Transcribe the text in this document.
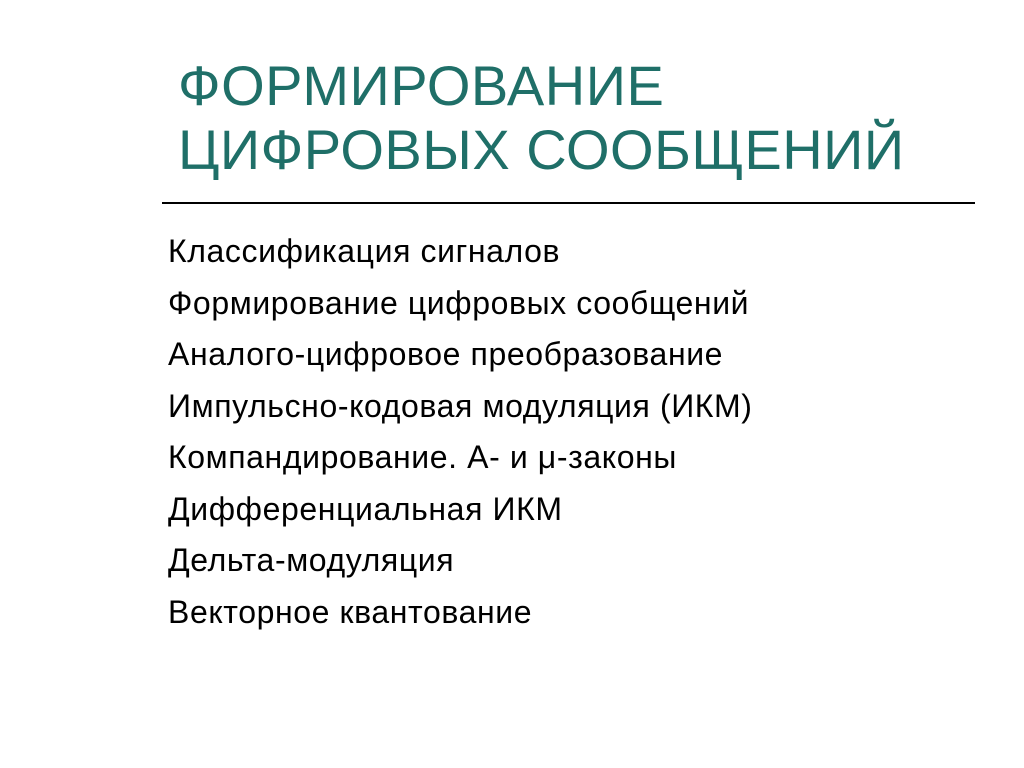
ФОРМИРОВАНИЕ
ЦИФРОВЫХ СООБЩЕНИЙ
Классификация сигналов
Формирование цифровых сообщений
Аналого-цифровое преобразование
Импульсно-кодовая модуляция (ИКМ)
Компандирование. А- и μ-законы
Дифференциальная ИКМ
Дельта-модуляция
Векторное квантование
